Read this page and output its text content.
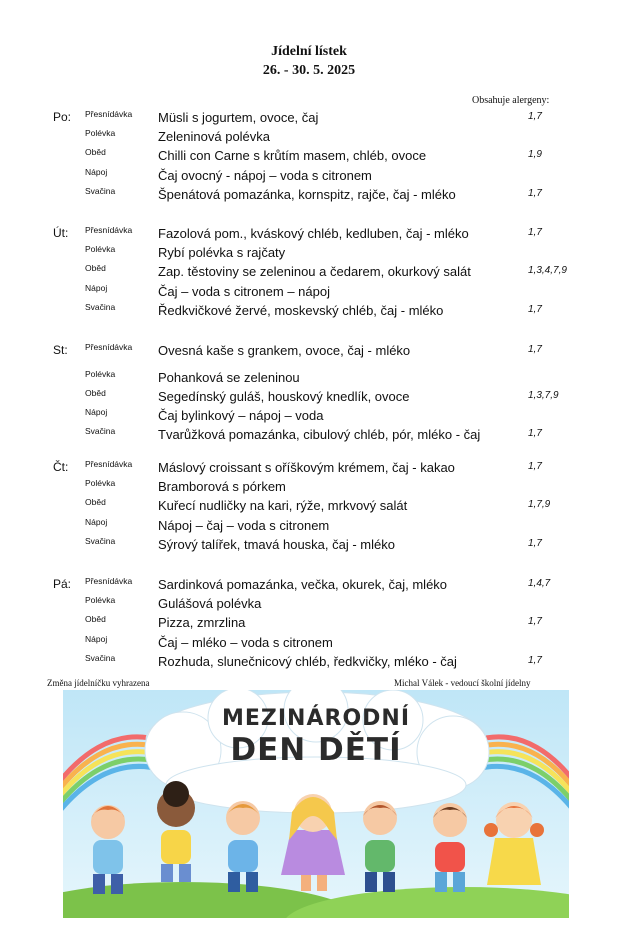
Jídelní lístek
26. - 30. 5. 2025
Obsahuje alergeny:
Po: Přesnídávka Müsli s jogurtem, ovoce, čaj	1,7
Polévka	Zeleninová polévka
Oběd	Chilli con Carne s krůtím masem, chléb, ovoce	1,9
Nápoj	Čaj ovocný - nápoj – voda s citronem
Svačina	Špenátová pomazánka, kornspitz, rajče, čaj - mléko	1,7
Út: Přesnídávka Fazolová pom., kváskový chléb, kedluben, čaj - mléko	1,7
Polévka	Rybí polévka s rajčaty
Oběd	Zap. těstoviny se zeleninou a čedarem, okurkový salát	1,3,4,7,9
Nápoj	Čaj – voda s citronem – nápoj
Svačina	Ředkvičkové žervé, moskevský chléb, čaj - mléko	1,7
St: Přesnídávka Ovesná kaše s grankem, ovoce, čaj - mléko	1,7
Polévka	Pohanková se zeleninou
Oběd	Segedínský guláš, houskový knedlík, ovoce	1,3,7,9
Nápoj	Čaj bylinkový – nápoj – voda
Svačina	Tvarůžková pomazánka, cibulový chléb, pór, mléko - čaj	1,7
Čt: Přesnídávka Máslový croissant s oříškovým krémem, čaj - kakao	1,7
Polévka	Bramborová s pórkem
Oběd	Kuřecí nudličky na kari, rýže, mrkvový salát	1,7,9
Nápoj	Nápoj – čaj – voda s citronem
Svačina	Sýrový talířek, tmavá houska, čaj - mléko	1,7
Pá: Přesnídávka Sardinková pomazánka, večka, okurek, čaj, mléko	1,4,7
Polévka	Gulášová polévka
Oběd	Pizza, zmrzlina	1,7
Nápoj	Čaj – mléko – voda s citronem
Svačina	Rozhuda, slunečnicový chléb, ředkvičky, mléko - čaj	1,7
Změna jídelníčku vyhrazena	Michal Válek - vedoucí školní jídelny
MEZINÁRODNÍ
DEN DĚTÍ
